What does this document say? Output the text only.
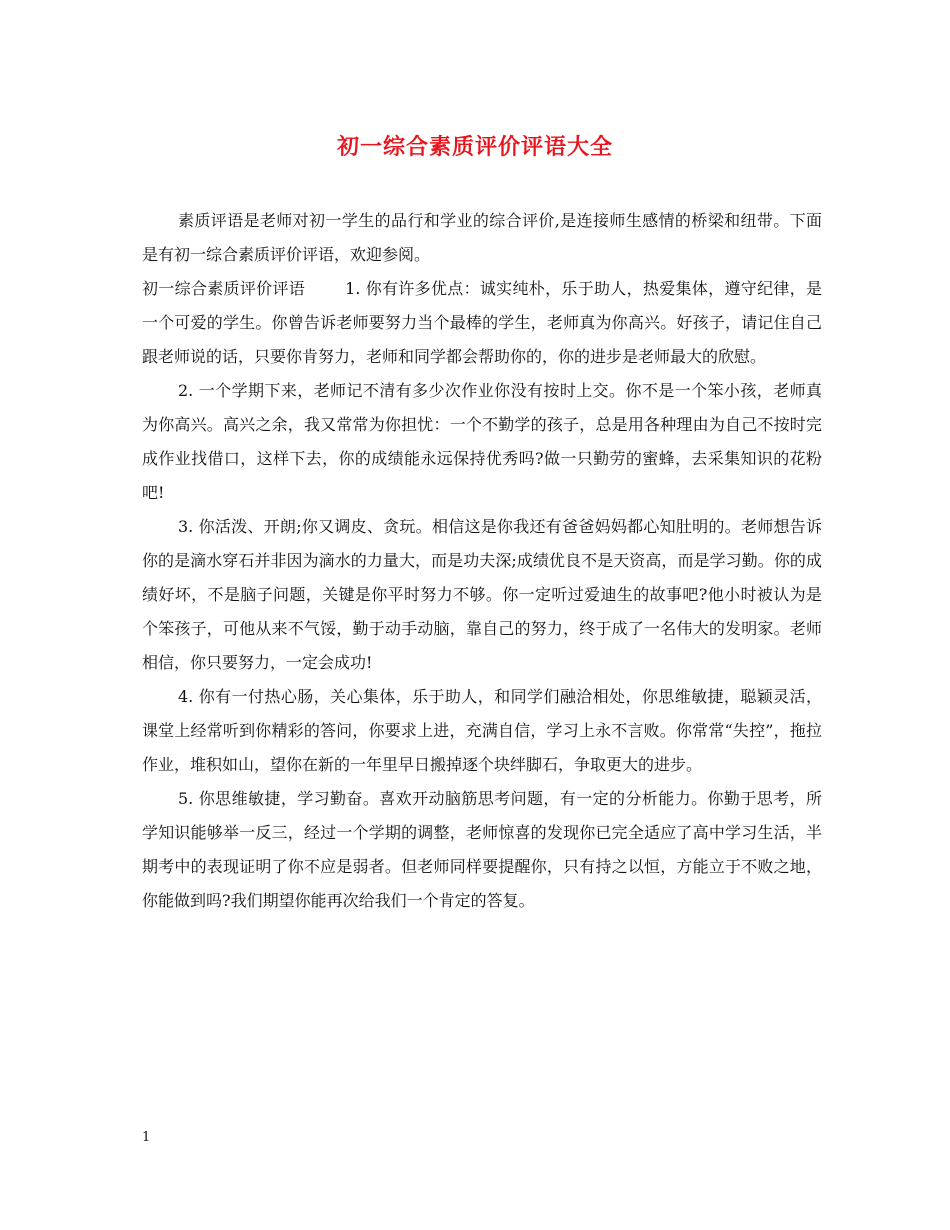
初一综合素质评价评语大全

素质评语是老师对初一学生的品行和学业的综合评价,是连接师生感情的桥梁和纽带。下面是有初一综合素质评价评语，欢迎参阅。

初一综合素质评价评语	1. 你有许多优点：诚实纯朴，乐于助人，热爱集体，遵守纪律，是一个可爱的学生。你曾告诉老师要努力当个最棒的学生，老师真为你高兴。好孩子，请记住自己跟老师说的话，只要你肯努力，老师和同学都会帮助你的，你的进步是老师最大的欣慰。

2. 一个学期下来，老师记不清有多少次作业你没有按时上交。你不是一个笨小孩，老师真为你高兴。高兴之余，我又常常为你担忧：一个不勤学的孩子，总是用各种理由为自己不按时完成作业找借口，这样下去，你的成绩能永远保持优秀吗?做一只勤劳的蜜蜂，去采集知识的花粉吧!

3. 你活泼、开朗;你又调皮、贪玩。相信这是你我还有爸爸妈妈都心知肚明的。老师想告诉你的是滴水穿石并非因为滴水的力量大，而是功夫深;成绩优良不是天资高，而是学习勤。你的成绩好坏，不是脑子问题，关键是你平时努力不够。你一定听过爱迪生的故事吧?他小时被认为是个笨孩子，可他从来不气馁，勤于动手动脑，靠自己的努力，终于成了一名伟大的发明家。老师相信，你只要努力，一定会成功!

4. 你有一付热心肠，关心集体，乐于助人，和同学们融洽相处，你思维敏捷，聪颖灵活，课堂上经常听到你精彩的答问，你要求上进，充满自信，学习上永不言败。你常常“失控”，拖拉作业，堆积如山，望你在新的一年里早日搬掉逐个块绊脚石，争取更大的进步。

5. 你思维敏捷，学习勤奋。喜欢开动脑筋思考问题，有一定的分析能力。你勤于思考，所学知识能够举一反三，经过一个学期的调整，老师惊喜的发现你已完全适应了高中学习生活，半期考中的表现证明了你不应是弱者。但老师同样要提醒你，只有持之以恒，方能立于不败之地，你能做到吗?我们期望你能再次给我们一个肯定的答复。

1
